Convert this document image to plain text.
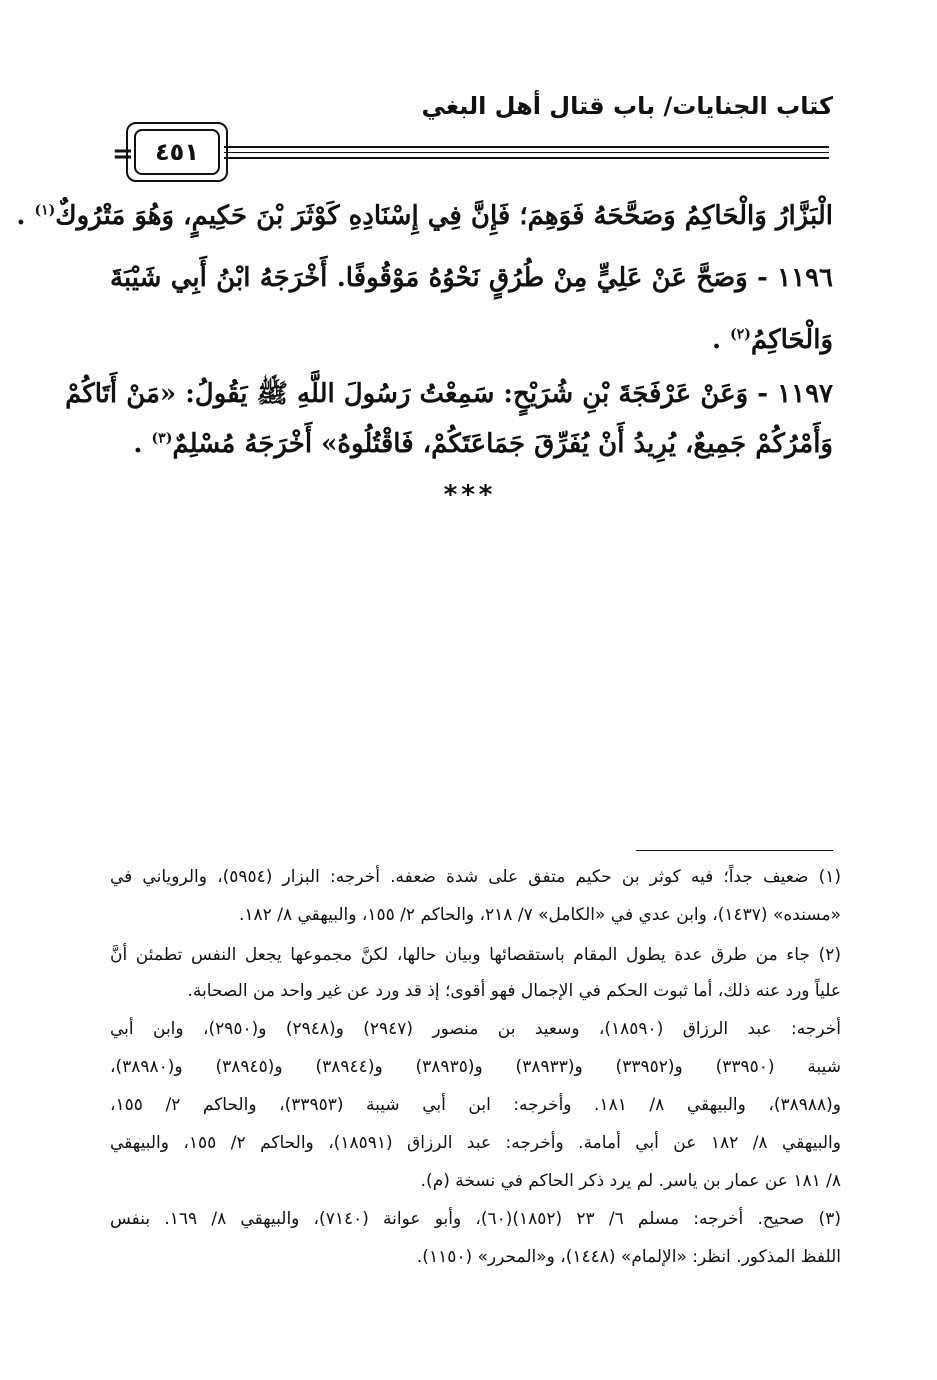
كتاب الجنايات/ باب قتال أهل البغي
= ٤٥١
الْبَزَّارُ وَالْحَاكِمُ وَصَحَّحَهُ فَوَهِمَ؛ فَإِنَّ فِي إِسْنَادِهِ كَوْثَرَ بْنَ حَكِيمٍ، وَهُوَ مَتْرُوكٌ$^{(١)}$ .
١١٩٦ - وَصَحَّ عَنْ عَلِيٍّ مِنْ طُرُقٍ نَحْوُهُ مَوْقُوفًا. أَخْرَجَهُ ابْنُ أَبِي شَيْبَةَ
وَالْحَاكِمُ$^{(٢)}$ .
١١٩٧ - وَعَنْ عَرْفَجَةَ بْنِ شُرَيْحٍ: سَمِعْتُ رَسُولَ اللَّهِ ﷺ يَقُولُ: «مَنْ أَتَاكُمْ
وَأَمْرُكُمْ جَمِيعٌ، يُرِيدُ أَنْ يُفَرِّقَ جَمَاعَتَكُمْ، فَاقْتُلُوهُ» أَخْرَجَهُ مُسْلِمٌ$^{(٣)}$ .
***
(١) ضعيف جداً؛ فيه كوثر بن حكيم متفق على شدة ضعفه. أخرجه: البزار (٥٩٥٤)، والروياني في
«مسنده» (١٤٣٧)، وابن عدي في «الكامل» ٧/ ٢١٨، والحاكم ٢/ ١٥٥، والبيهقي ٨/ ١٨٢.
(٢) جاء من طرق عدة يطول المقام باستقصائها وبيان حالها، لكنَّ مجموعها يجعل النفس تطمئن أنَّ
علياً ورد عنه ذلك، أما ثبوت الحكم في الإجمال فهو أقوى؛ إذ قد ورد عن غير واحد من الصحابة.
أخرجه: عبد الرزاق (١٨٥٩٠)، وسعيد بن منصور (٢٩٤٧) و(٢٩٤٨) و(٢٩٥٠)، وابن أبي
شيبة (٣٣٩٥٠) و(٣٣٩٥٢) و(٣٨٩٣٣) و(٣٨٩٣٥) و(٣٨٩٤٤) و(٣٨٩٤٥) و(٣٨٩٨٠)،
و(٣٨٩٨٨)، والبيهقي ٨/ ١٨١. وأخرجه: ابن أبي شيبة (٣٣٩٥٣)، والحاكم ٢/ ١٥٥،
والبيهقي ٨/ ١٨٢ عن أبي أمامة. وأخرجه: عبد الرزاق (١٨٥٩١)، والحاكم ٢/ ١٥٥، والبيهقي
٨/ ١٨١ عن عمار بن ياسر. لم يرد ذكر الحاكم في نسخة (م).
(٣) صحيح. أخرجه: مسلم ٦/ ٢٣ (١٨٥٢)(٦٠)، وأبو عوانة (٧١٤٠)، والبيهقي ٨/ ١٦٩. بنفس
اللفظ المذكور. انظر: «الإلمام» (١٤٤٨)، و«المحرر» (١١٥٠).
